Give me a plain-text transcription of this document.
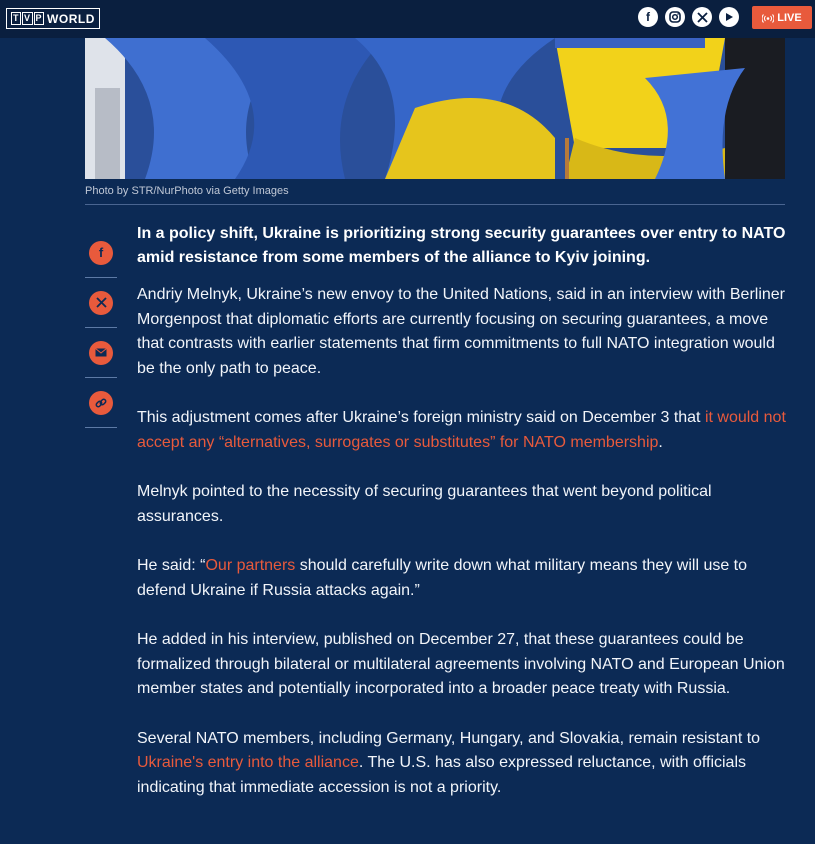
T V P WORLD	f	LIVE
Photo by STR/NurPhoto via Getty Images
f

In a policy shift, Ukraine is prioritizing strong security guarantees over entry to NATO amid resistance from some members of the alliance to Kyiv joining.

Andriy Melnyk, Ukraine’s new envoy to the United Nations, said in an interview with Berliner Morgenpost that diplomatic efforts are currently focusing on securing guarantees, a move that contrasts with earlier statements that firm commitments to full NATO integration would be the only path to peace.

This adjustment comes after Ukraine’s foreign ministry said on December 3 that it would not accept any “alternatives, surrogates or substitutes” for NATO membership.

Melnyk pointed to the necessity of securing guarantees that went beyond political assurances.

He said: “Our partners should carefully write down what military means they will use to defend Ukraine if Russia attacks again.”

He added in his interview, published on December 27, that these guarantees could be formalized through bilateral or multilateral agreements involving NATO and European Union member states and potentially incorporated into a broader peace treaty with Russia.

Several NATO members, including Germany, Hungary, and Slovakia, remain resistant to Ukraine's entry into the alliance. The U.S. has also expressed reluctance, with officials indicating that immediate accession is not a priority.
